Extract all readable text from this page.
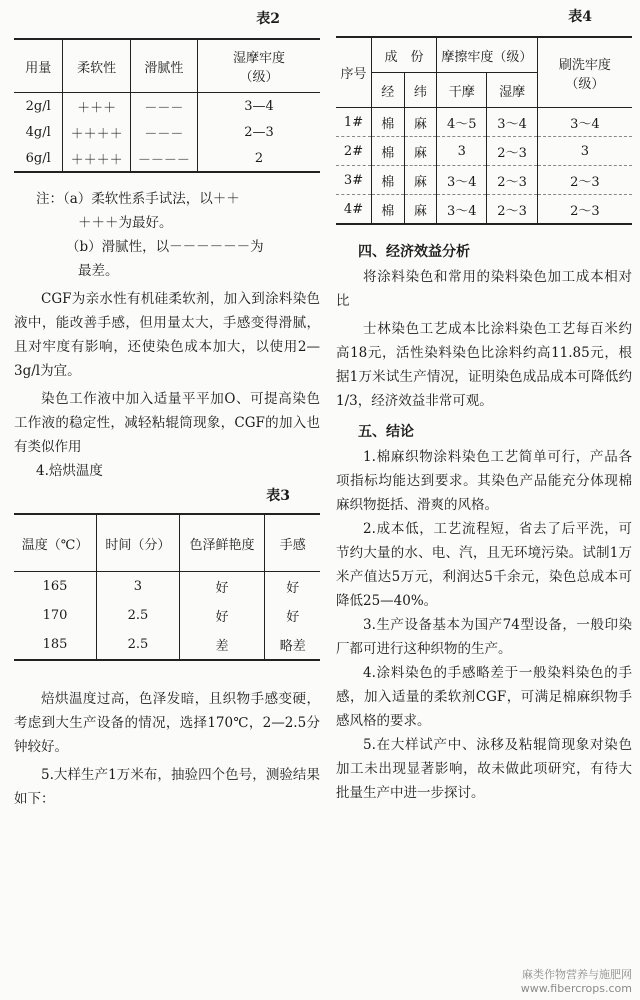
表2
用量	柔软性	滑腻性	湿摩牢度
（级）
2g/l	＋＋＋	－－－	3—4
4g/l	＋＋＋＋	－－－	2—3
6g/l	＋＋＋＋	－－－－	2

注：（a）柔软性系手试法，以＋＋

＋＋＋为最好。

（b）滑腻性，以－－－－－－为

最差。

CGF为亲水性有机硅柔软剂，加入到涂料染色液中，能改善手感，但用量太大，手感变得滑腻，且对牢度有影响，还使染色成本加大，以使用2—3g/l为宜。

染色工作液中加入适量平平加O、可提高染色工作液的稳定性，减轻粘辊筒现象，CGF的加入也有类似作用

4.焙烘温度

表3
温度（℃）	时间（分）	色泽鲜艳度	手感
165	3	好	好
170	2.5	好	好
185	2.5	差	略差

焙烘温度过高，色泽发暗，且织物手感变硬，考虑到大生产设备的情况，选择170℃，2—2.5分钟较好。

5.大样生产1万米布，抽验四个色号，测验结果如下：

表4
序号	成　份		摩擦牢度（级）		刷洗牢度
（级）
	经	纬	干摩	湿摩	
1#	棉	麻	4～5	3～4	3～4
2#	棉	麻	3	2～3	3
3#	棉	麻	3～4	2～3	2～3
4#	棉	麻	3～4	2～3	2～3

四、经济效益分析

将涂料染色和常用的染料染色加工成本相对比

士林染色工艺成本比涂料染色工艺每百米约高18元，活性染料染色比涂料约高11.85元，根据1万米试生产情况，证明染色成品成本可降低约1/3，经济效益非常可观。

五、结论

1.棉麻织物涂料染色工艺简单可行，产品各项指标均能达到要求。其染色产品能充分体现棉麻织物挺括、滑爽的风格。

2.成本低，工艺流程短，省去了后平洗，可节约大量的水、电、汽，且无环境污染。试制1万米产值达5万元，利润达5千余元，染色总成本可降低25—40%。

3.生产设备基本为国产74型设备，一般印染厂都可进行这种织物的生产。

4.涂料染色的手感略差于一般染料染色的手感，加入适量的柔软剂CGF，可满足棉麻织物手感风格的要求。

5.在大样试产中、泳移及粘辊筒现象对染色加工未出现显著影响，故未做此项研究，有待大批量生产中进一步探讨。

麻类作物营养与施肥网
www.fibercrops.com
